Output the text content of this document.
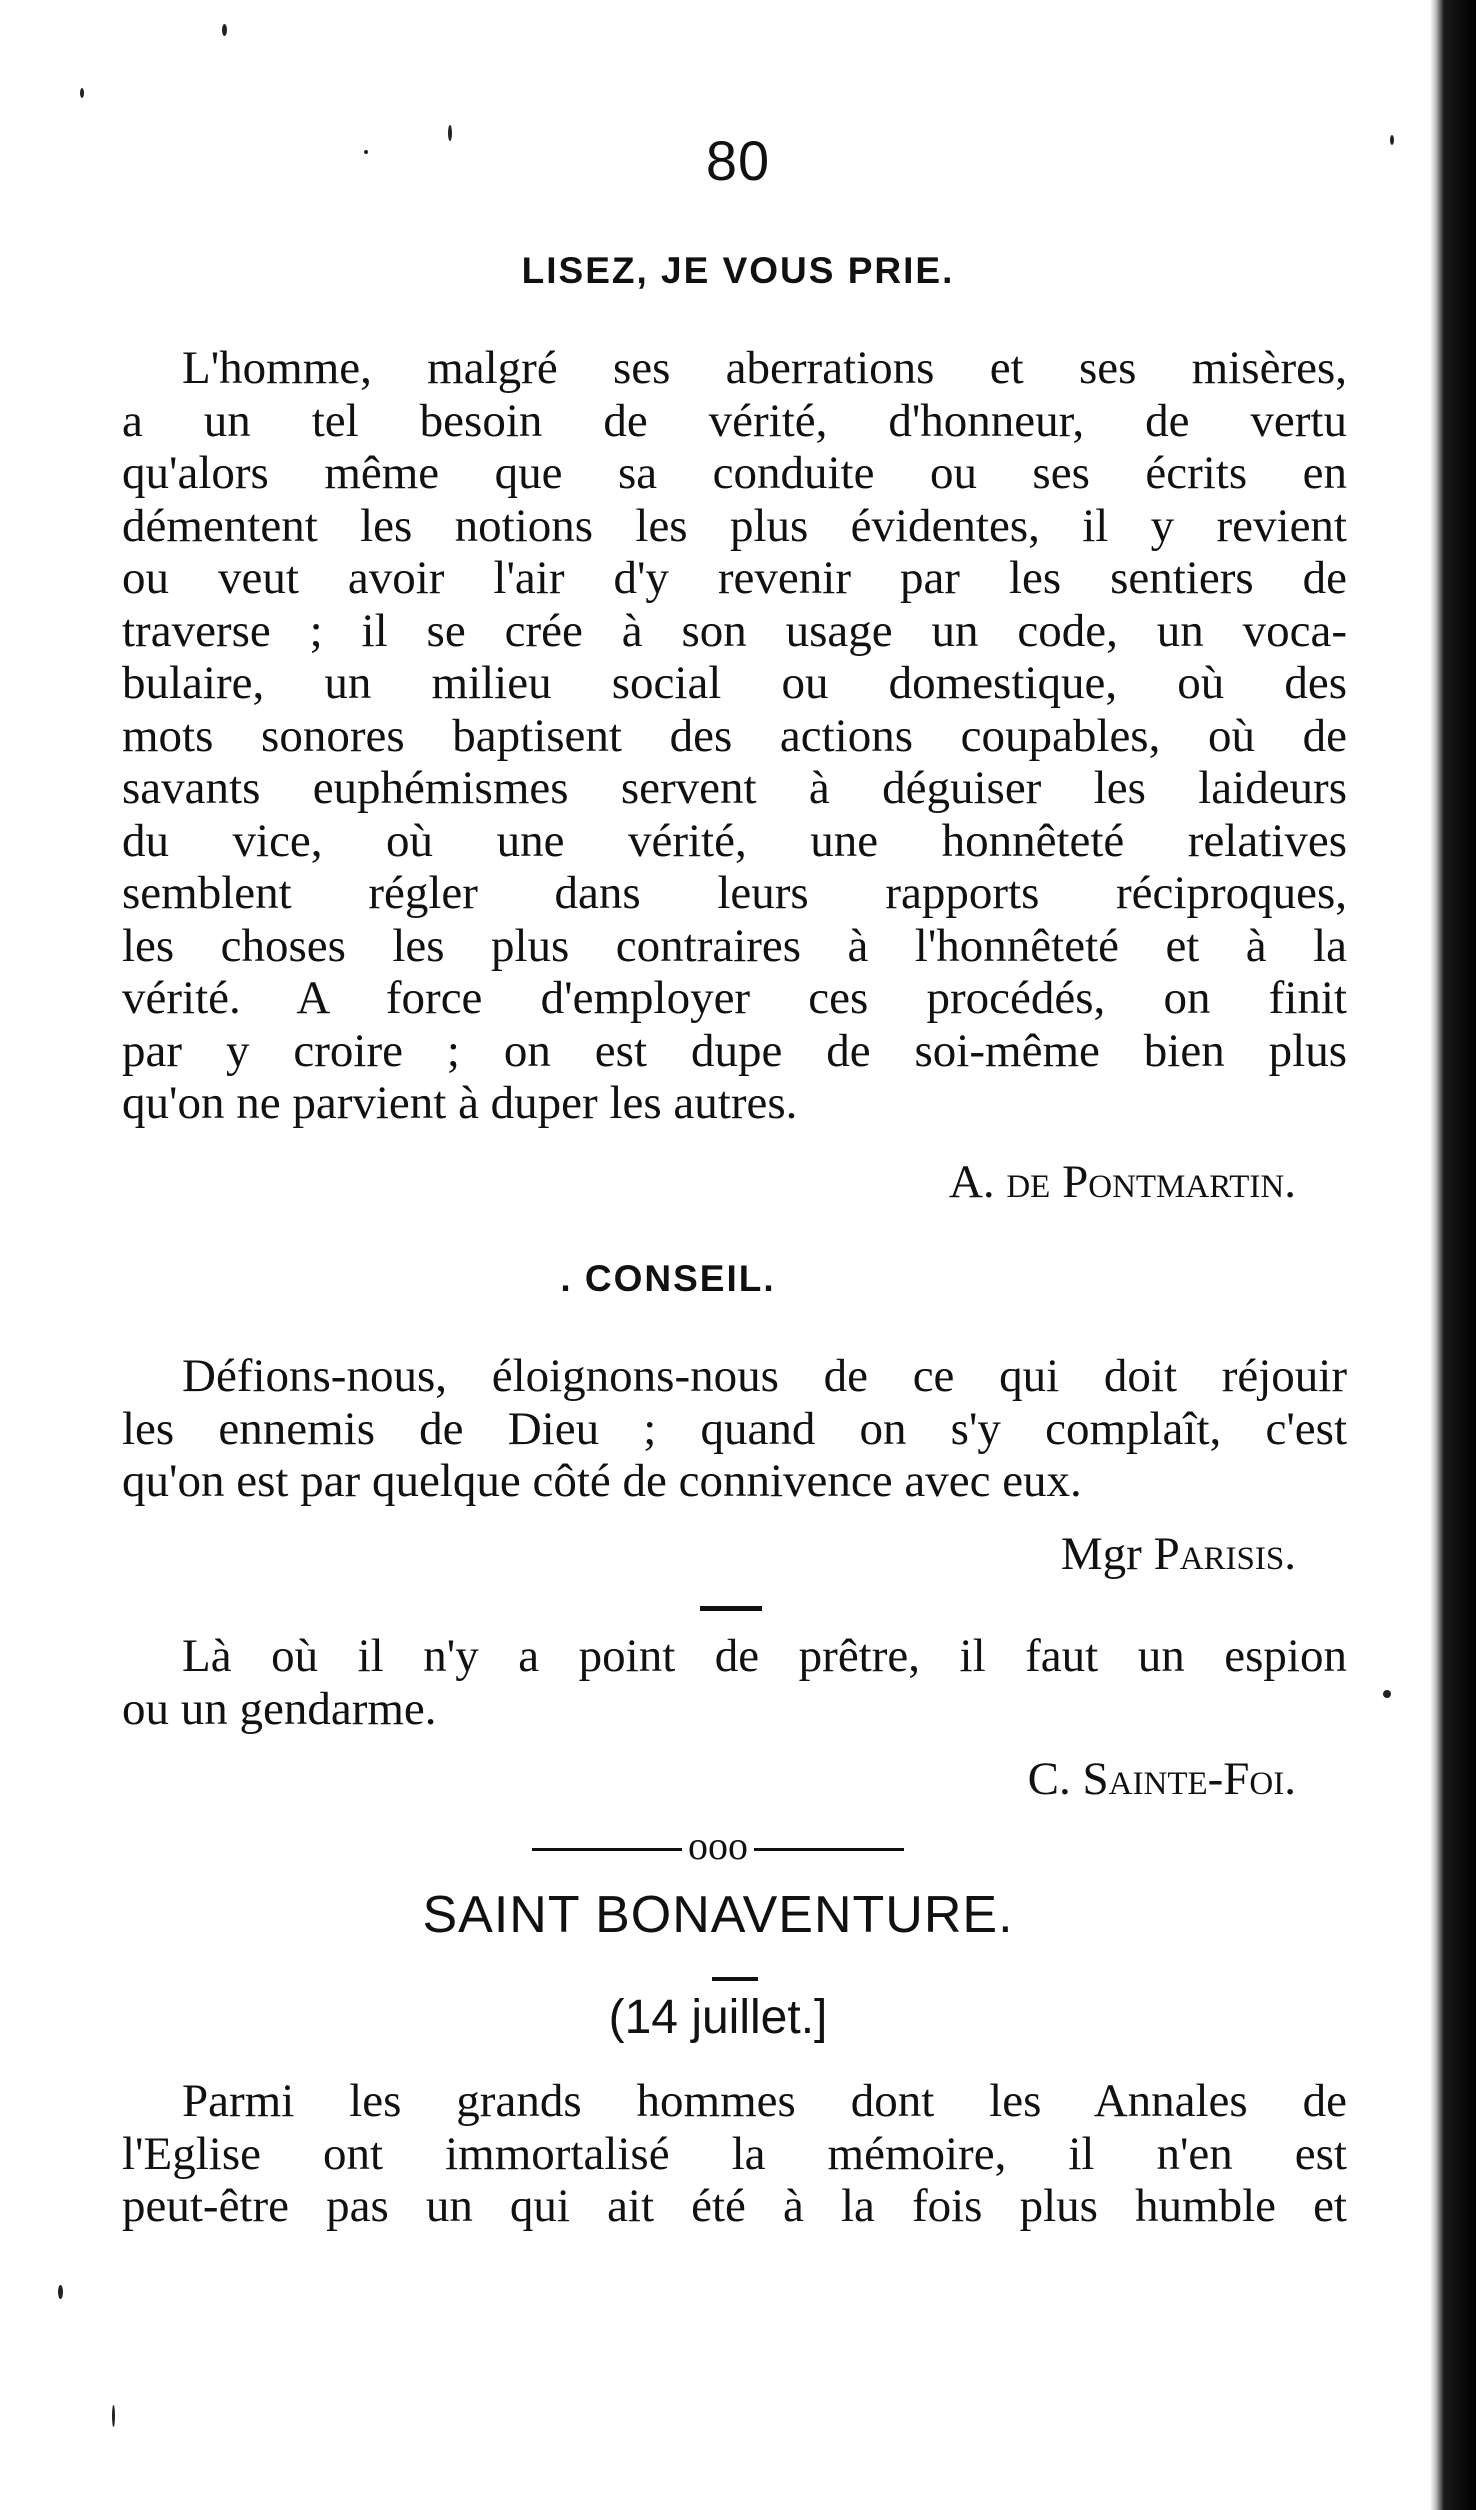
80
LISEZ, JE VOUS PRIE.
L'homme, malgré ses aberrations et ses misères,
a un tel besoin de vérité, d'honneur, de vertu
qu'alors même que sa conduite ou ses écrits en
démentent les notions les plus évidentes, il y revient
ou veut avoir l'air d'y revenir par les sentiers de
traverse ; il se crée à son usage un code, un voca-
bulaire, un milieu social ou domestique, où des
mots sonores baptisent des actions coupables, où de
savants euphémismes servent à déguiser les laideurs
du vice, où une vérité, une honnêteté relatives
semblent régler dans leurs rapports réciproques,
les choses les plus contraires à l'honnêteté et à la
vérité. A force d'employer ces procédés, on finit
par y croire ; on est dupe de soi-même bien plus
qu'on ne parvient à duper les autres.
A. de Pontmartin.
. CONSEIL.
Défions-nous, éloignons-nous de ce qui doit réjouir
les ennemis de Dieu ; quand on s'y complaît, c'est
qu'on est par quelque côté de connivence avec eux.
Mgr Parisis.
Là où il n'y a point de prêtre, il faut un espion
ou un gendarme.
C. Sainte-Foi.
ooo
SAINT BONAVENTURE.
(14 juillet.]
Parmi les grands hommes dont les Annales de
l'Eglise ont immortalisé la mémoire, il n'en est
peut-être pas un qui ait été à la fois plus humble et
